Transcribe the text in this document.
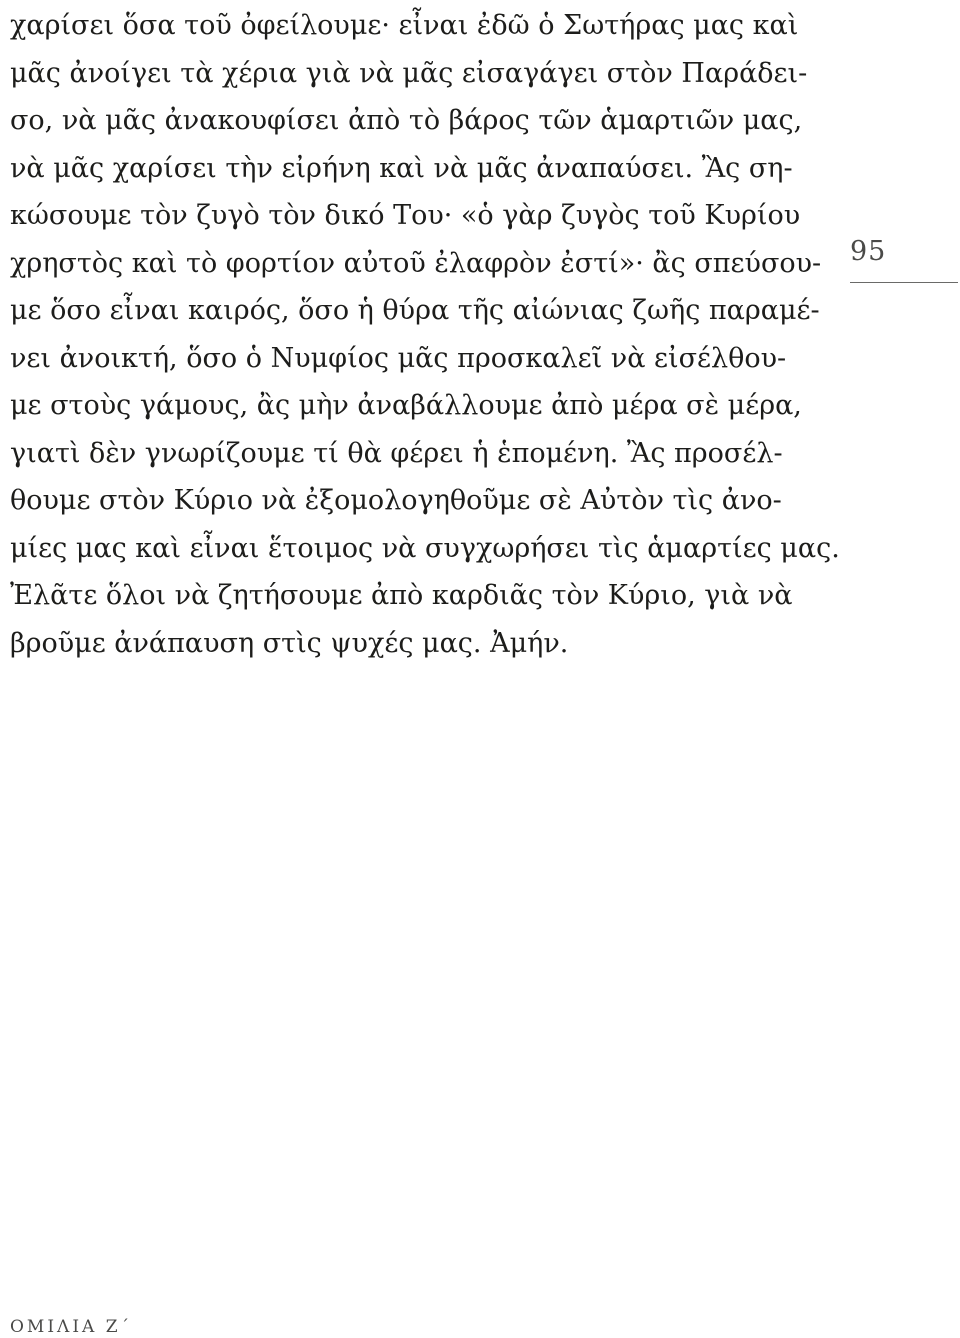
χαρίσει ὅσα τοῦ ὀφείλουμε· εἶναι ἐδῶ ὁ Σωτήρας μας καὶ
μᾶς ἀνοίγει τὰ χέρια γιὰ νὰ μᾶς εἰσαγάγει στὸν Παράδει-
σο, νὰ μᾶς ἀνακουφίσει ἀπὸ τὸ βάρος τῶν ἁμαρτιῶν μας,
νὰ μᾶς χαρίσει τὴν εἰρήνη καὶ νὰ μᾶς ἀναπαύσει. Ἂς ση-
κώσουμε τὸν ζυγὸ τὸν δικό Του· «ὁ γὰρ ζυγὸς τοῦ Κυρίου
χρηστὸς καὶ τὸ φορτίον αὐτοῦ ἐλαφρὸν ἐστί»· ἂς σπεύσου-
με ὅσο εἶναι καιρός, ὅσο ἡ θύρα τῆς αἰώνιας ζωῆς παραμέ-
νει ἀνοικτή, ὅσο ὁ Νυμφίος μᾶς προσκαλεῖ νὰ εἰσέλθου-
με στοὺς γάμους, ἂς μὴν ἀναβάλλουμε ἀπὸ μέρα σὲ μέρα,
γιατὶ δὲν γνωρίζουμε τί θὰ φέρει ἡ ἑπομένη. Ἂς προσέλ-
θουμε στὸν Κύριο νὰ ἐξομολογηθοῦμε σὲ Αὐτὸν τὶς ἀνο-
μίες μας καὶ εἶναι ἕτοιμος νὰ συγχωρήσει τὶς ἁμαρτίες μας.
Ἐλᾶτε ὅλοι νὰ ζητήσουμε ἀπὸ καρδιᾶς τὸν Κύριο, γιὰ νὰ
βροῦμε ἀνάπαυση στὶς ψυχές μας. Ἀμήν.
95
ΟΜΙΛΙΑ Ζ΄
